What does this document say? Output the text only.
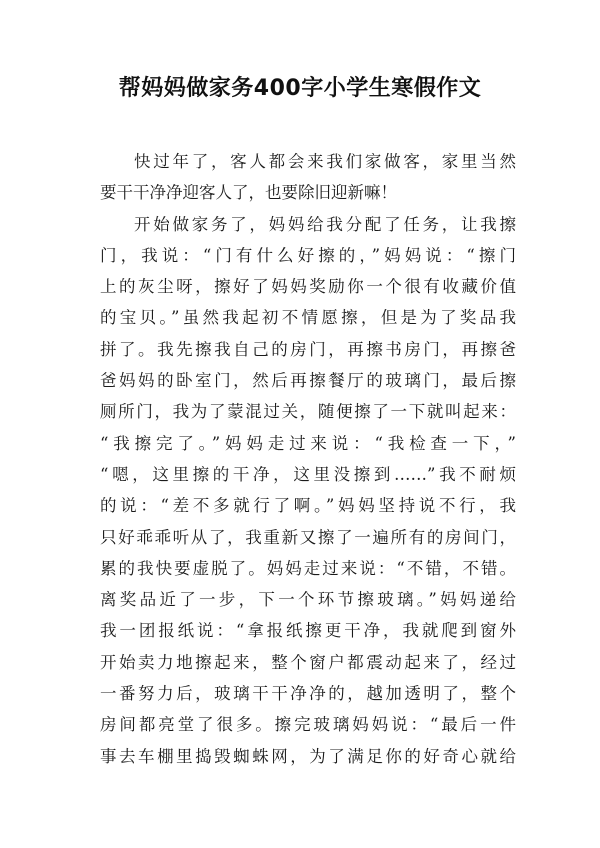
帮妈妈做家务400字小学生寒假作文
快过年了，客人都会来我们家做客，家里当然
要干干净净迎客人了，也要除旧迎新嘛！
开始做家务了，妈妈给我分配了任务，让我擦
门，我说：“门有什么好擦的，”妈妈说：“擦门
上的灰尘呀，擦好了妈妈奖励你一个很有收藏价值
的宝贝。”虽然我起初不情愿擦，但是为了奖品我
拼了。我先擦我自己的房门，再擦书房门，再擦爸
爸妈妈的卧室门，然后再擦餐厅的玻璃门，最后擦
厕所门，我为了蒙混过关，随便擦了一下就叫起来：
“我擦完了。”妈妈走过来说：“我检查一下，”
“嗯，这里擦的干净，这里没擦到……”我不耐烦
的说：“差不多就行了啊。”妈妈坚持说不行，我
只好乖乖听从了，我重新又擦了一遍所有的房间门，
累的我快要虚脱了。妈妈走过来说：“不错，不错。
离奖品近了一步，下一个环节擦玻璃。”妈妈递给
我一团报纸说：“拿报纸擦更干净，我就爬到窗外
开始卖力地擦起来，整个窗户都震动起来了，经过
一番努力后，玻璃干干净净的，越加透明了，整个
房间都亮堂了很多。擦完玻璃妈妈说：“最后一件
事去车棚里捣毁蜘蛛网，为了满足你的好奇心就给
